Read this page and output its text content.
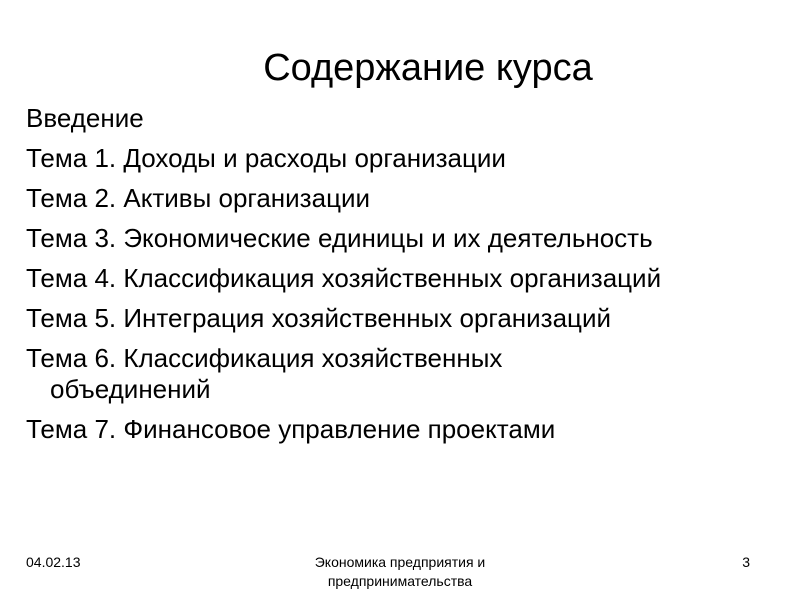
Содержание курса
Введение
Тема 1. Доходы и расходы организации
Тема 2. Активы организации
Тема 3. Экономические единицы и их деятельность
Тема 4. Классификация хозяйственных организаций
Тема 5. Интеграция хозяйственных организаций
Тема 6. Классификация хозяйственных объединений
Тема 7. Финансовое управление проектами
04.02.13	Экономика предприятия и
предпринимательства
3
